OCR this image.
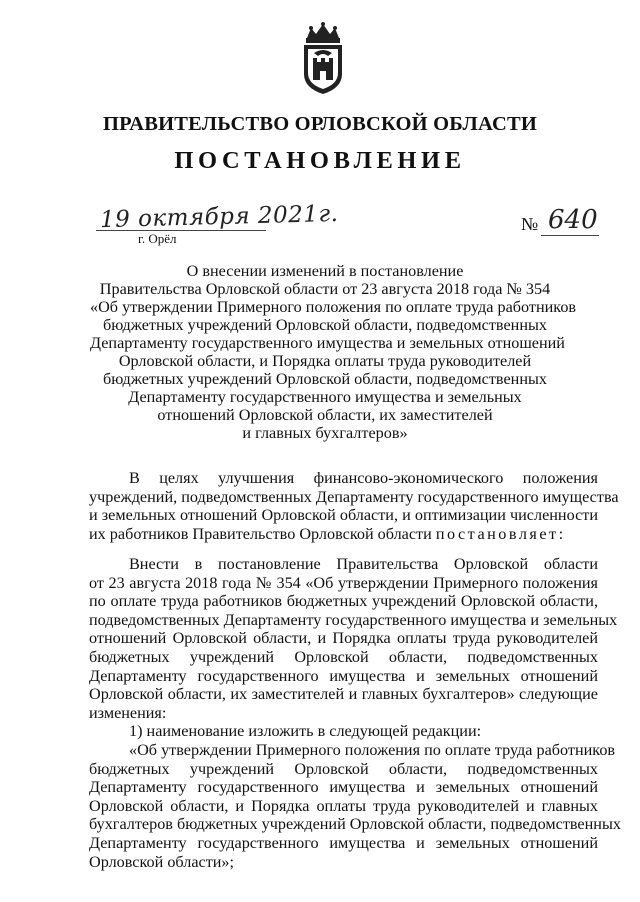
ПРАВИТЕЛЬСТВО ОРЛОВСКОЙ ОБЛАСТИ
ПОСТАНОВЛЕНИЕ
19 октября 2021г.
г. Орёл
№ 640
О внесении изменений в постановление
Правительства Орловской области от 23 августа 2018 года № 354
«Об утверждении Примерного положения по оплате труда работников
бюджетных учреждений Орловской области, подведомственных
Департаменту государственного имущества и земельных отношений
Орловской области, и Порядка оплаты труда руководителей
бюджетных учреждений Орловской области, подведомственных
Департаменту государственного имущества и земельных
отношений Орловской области, их заместителей
и главных бухгалтеров»
В целях улучшения финансово-экономического положения
учреждений, подведомственных Департаменту государственного имущества
и земельных отношений Орловской области, и оптимизации численности
их работников Правительство Орловской области постановляет:
Внести в постановление Правительства Орловской области
от 23 августа 2018 года № 354 «Об утверждении Примерного положения
по оплате труда работников бюджетных учреждений Орловской области,
подведомственных Департаменту государственного имущества и земельных
отношений Орловской области, и Порядка оплаты труда руководителей
бюджетных учреждений Орловской области, подведомственных
Департаменту государственного имущества и земельных отношений
Орловской области, их заместителей и главных бухгалтеров» следующие
изменения:
1) наименование изложить в следующей редакции:
«Об утверждении Примерного положения по оплате труда работников
бюджетных учреждений Орловской области, подведомственных
Департаменту государственного имущества и земельных отношений
Орловской области, и Порядка оплаты труда руководителей и главных
бухгалтеров бюджетных учреждений Орловской области, подведомственных
Департаменту государственного имущества и земельных отношений
Орловской области»;
